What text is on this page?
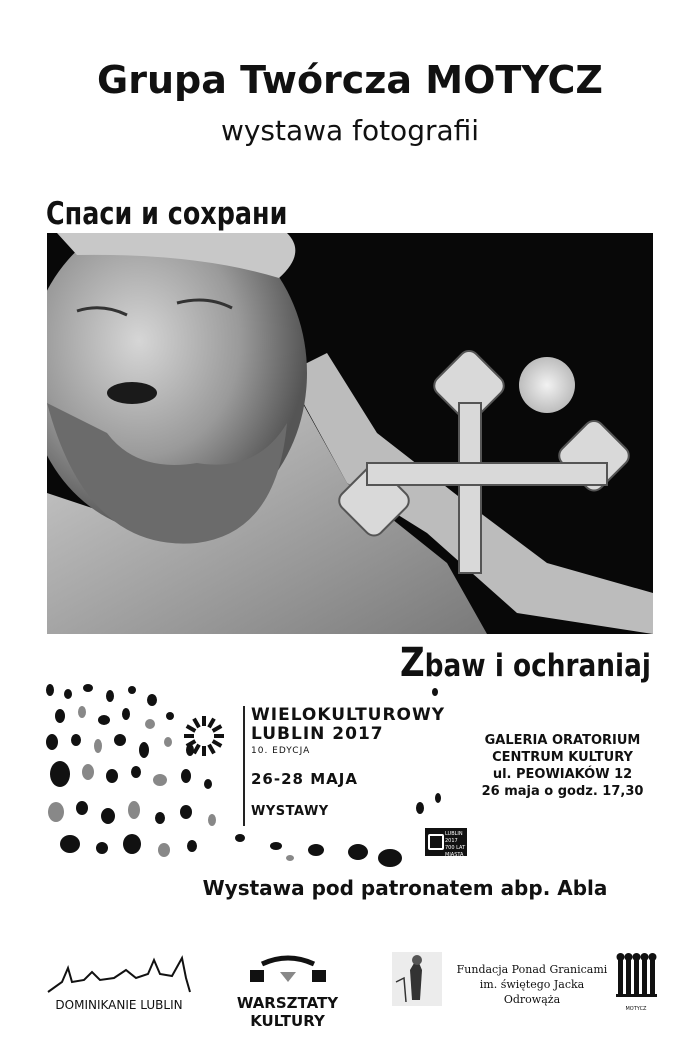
Grupa Twórcza MOTYCZ
wystawa fotografii
Спаси и сохрани
Zbaw i ochraniaj
WIELOKULTUROWY
LUBLIN 2017
10. EDYCJA
26-28 MAJA
WYSTAWY
GALERIA ORATORIUM
CENTRUM KULTURY
ul. PEOWIAKÓW 12
26 maja o godz. 17,30
LUBLIN 2017
700 LAT
MIASTA
Wystawa pod patronatem abp. Abla
DOMINIKANIE LUBLIN	WARSZTATY KULTURY
Fundacja Ponad Granicami
im. świętego Jacka Odrowąża
MOTYCZ
